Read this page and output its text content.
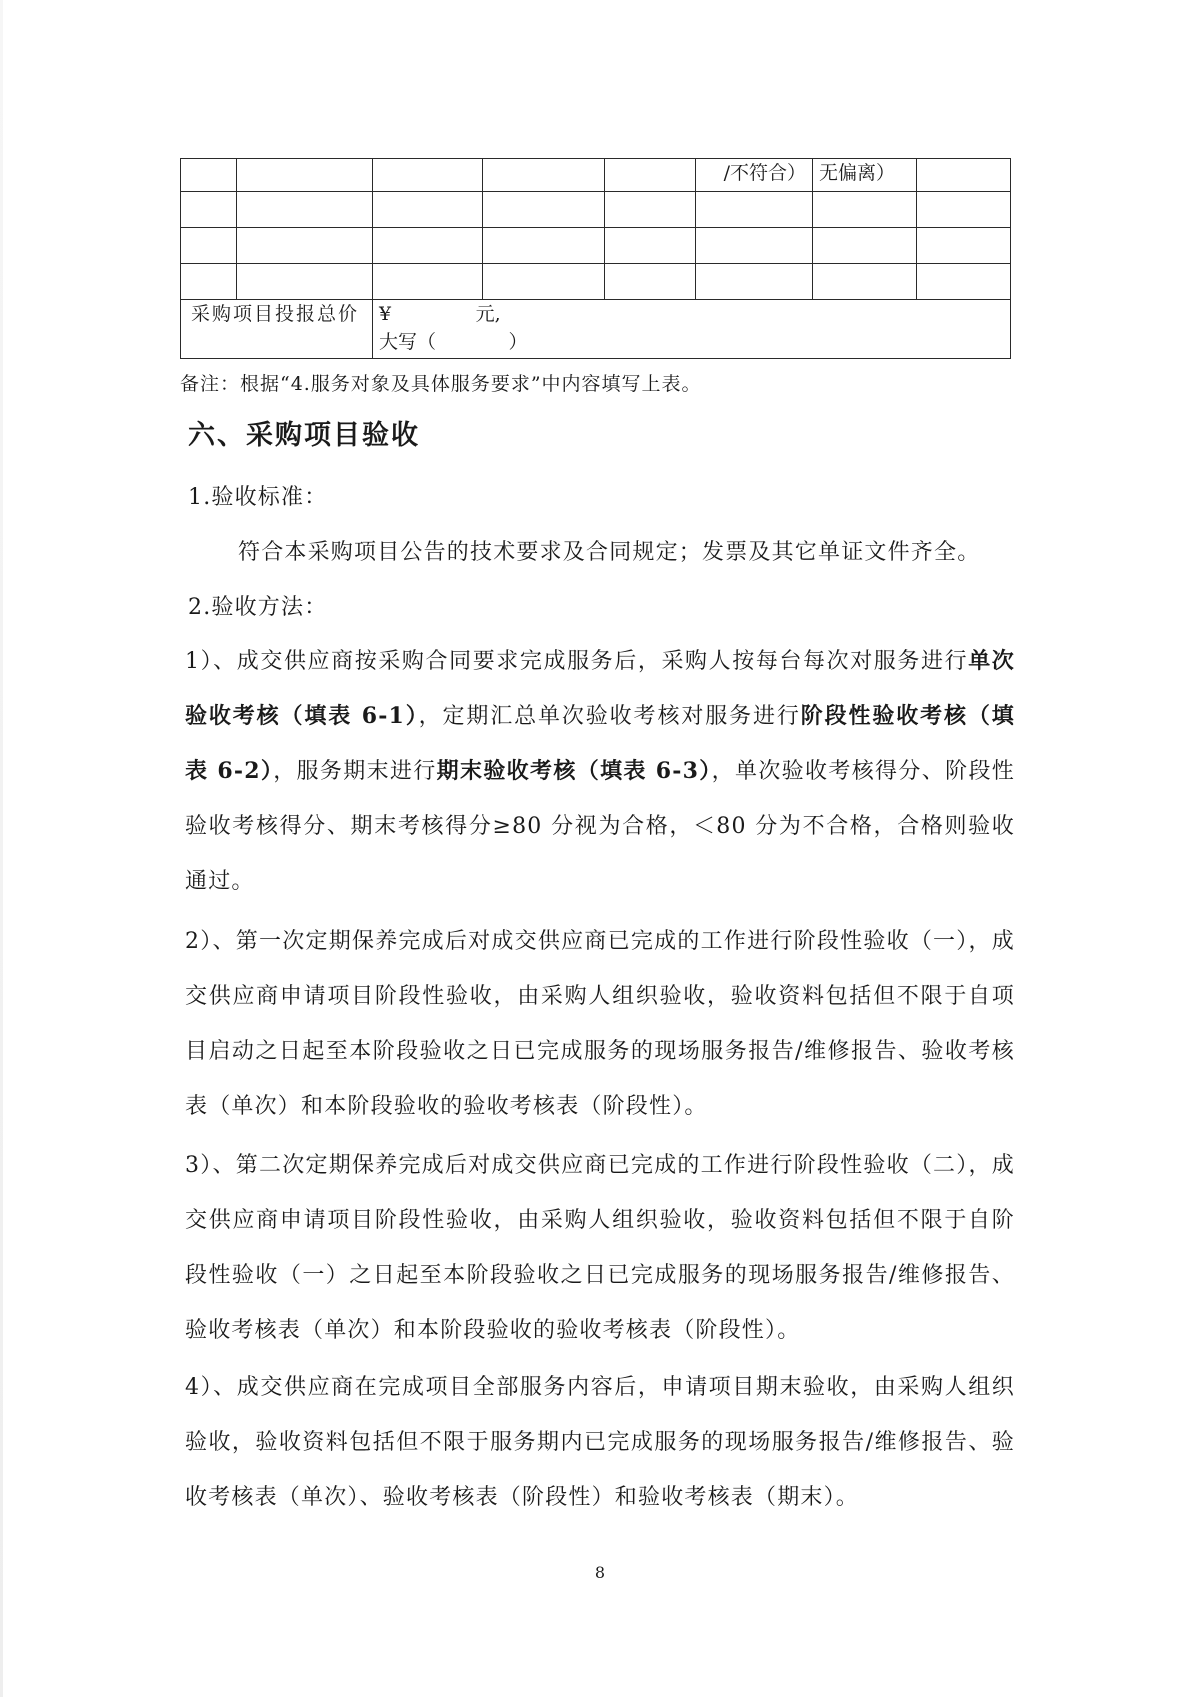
					/不符合）	无偏离）	

采购项目投报总价		¥              元,
大写（            ）					
备注：根据“4.服务对象及具体服务要求”中内容填写上表。
六、采购项目验收
1.验收标准：
符合本采购项目公告的技术要求及合同规定；发票及其它单证文件齐全。
2.验收方法：
1）、成交供应商按采购合同要求完成服务后，采购人按每台每次对服务进行单次验收考核（填表 6-1），定期汇总单次验收考核对服务进行阶段性验收考核（填表 6-2），服务期末进行期末验收考核（填表 6-3），单次验收考核得分、阶段性验收考核得分、期末考核得分≥80 分视为合格，＜80 分为不合格，合格则验收通过。
2）、第一次定期保养完成后对成交供应商已完成的工作进行阶段性验收（一），成交供应商申请项目阶段性验收，由采购人组织验收，验收资料包括但不限于自项目启动之日起至本阶段验收之日已完成服务的现场服务报告/维修报告、验收考核表（单次）和本阶段验收的验收考核表（阶段性）。
3）、第二次定期保养完成后对成交供应商已完成的工作进行阶段性验收（二），成交供应商申请项目阶段性验收，由采购人组织验收，验收资料包括但不限于自阶段性验收（一）之日起至本阶段验收之日已完成服务的现场服务报告/维修报告、验收考核表（单次）和本阶段验收的验收考核表（阶段性）。
4）、成交供应商在完成项目全部服务内容后，申请项目期末验收，由采购人组织验收，验收资料包括但不限于服务期内已完成服务的现场服务报告/维修报告、验收考核表（单次）、验收考核表（阶段性）和验收考核表（期末）。
8
